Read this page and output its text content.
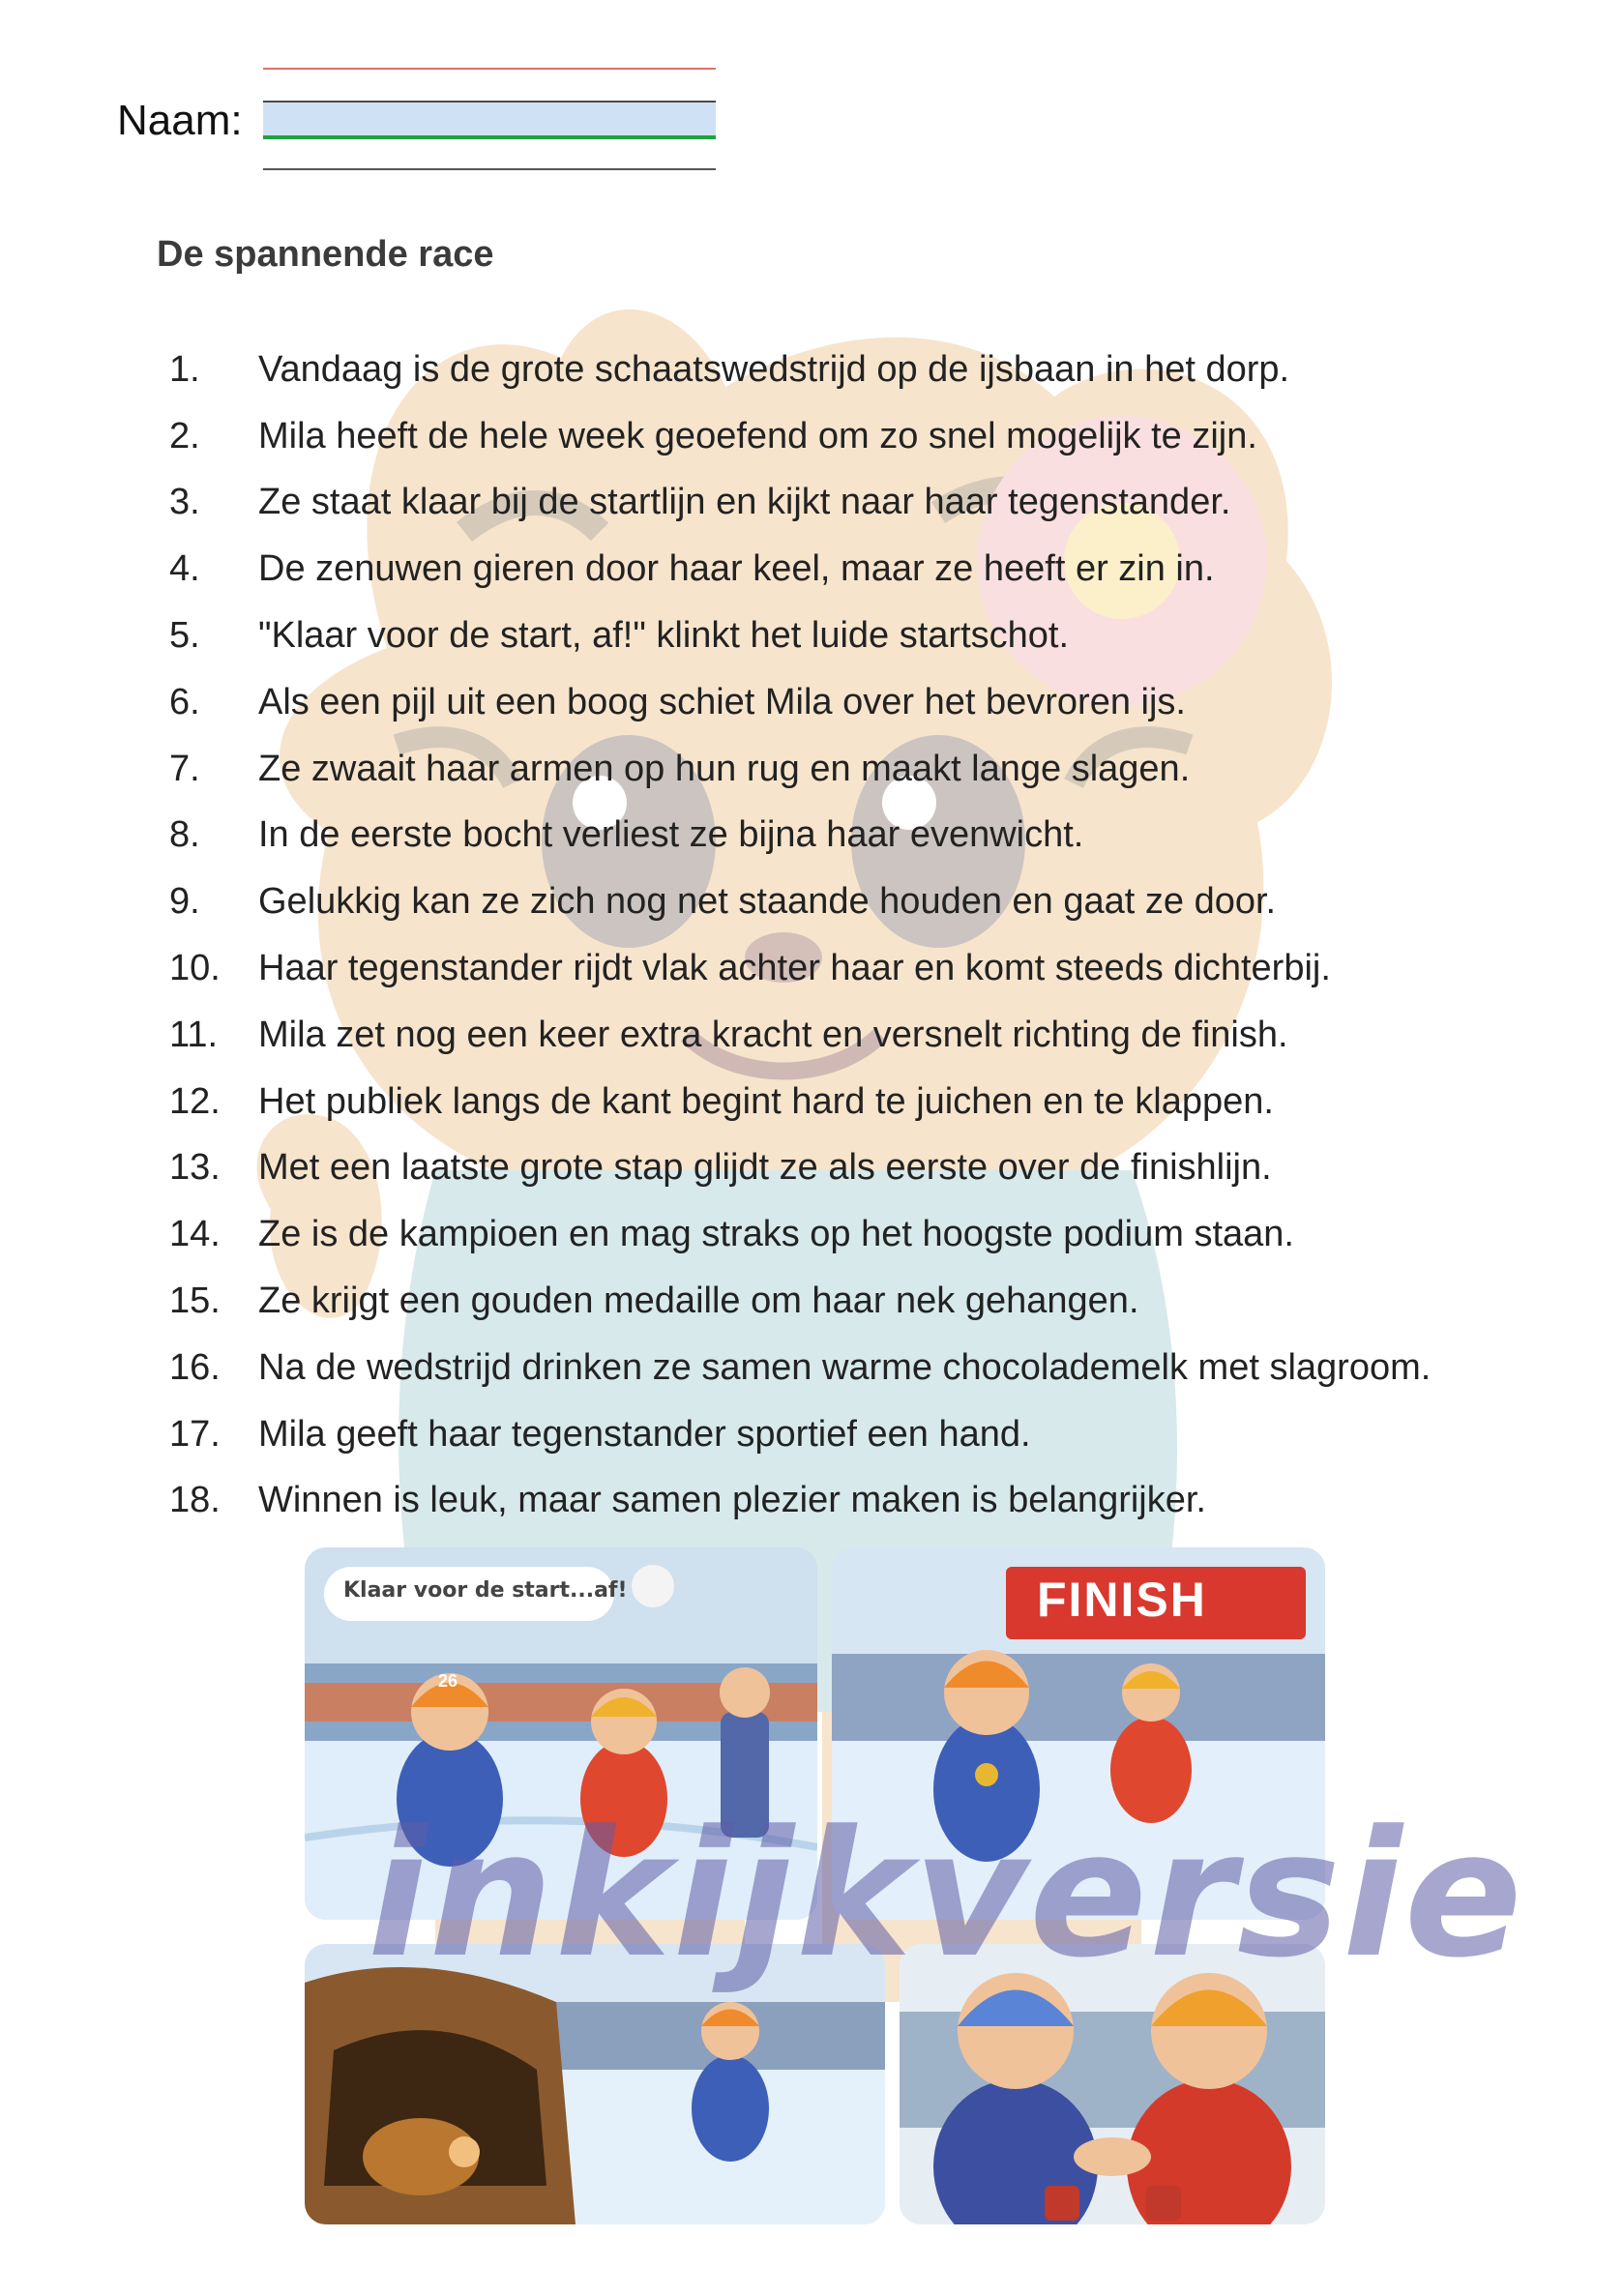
Naam:
De spannende race
1.	Vandaag is de grote schaatswedstrijd op de ijsbaan in het dorp.
2.	Mila heeft de hele week geoefend om zo snel mogelijk te zijn.
3.	Ze staat klaar bij de startlijn en kijkt naar haar tegenstander.
4.	De zenuwen gieren door haar keel, maar ze heeft er zin in.
5.	"Klaar voor de start, af!" klinkt het luide startschot.
6.	Als een pijl uit een boog schiet Mila over het bevroren ijs.
7.	Ze zwaait haar armen op hun rug en maakt lange slagen.
8.	In de eerste bocht verliest ze bijna haar evenwicht.
9.	Gelukkig kan ze zich nog net staande houden en gaat ze door.
10.	Haar tegenstander rijdt vlak achter haar en komt steeds dichterbij.
11.	Mila zet nog een keer extra kracht en versnelt richting de finish.
12.	Het publiek langs de kant begint hard te juichen en te klappen.
13.	Met een laatste grote stap glijdt ze als eerste over de finishlijn.
14.	Ze is de kampioen en mag straks op het hoogste podium staan.
15.	Ze krijgt een gouden medaille om haar nek gehangen.
16.	Na de wedstrijd drinken ze samen warme chocolademelk met slagroom.
17.	Mila geeft haar tegenstander sportief een hand.
18.	Winnen is leuk, maar samen plezier maken is belangrijker.
Klaar voor de start...af!
26
FINISH
inkijkversie
